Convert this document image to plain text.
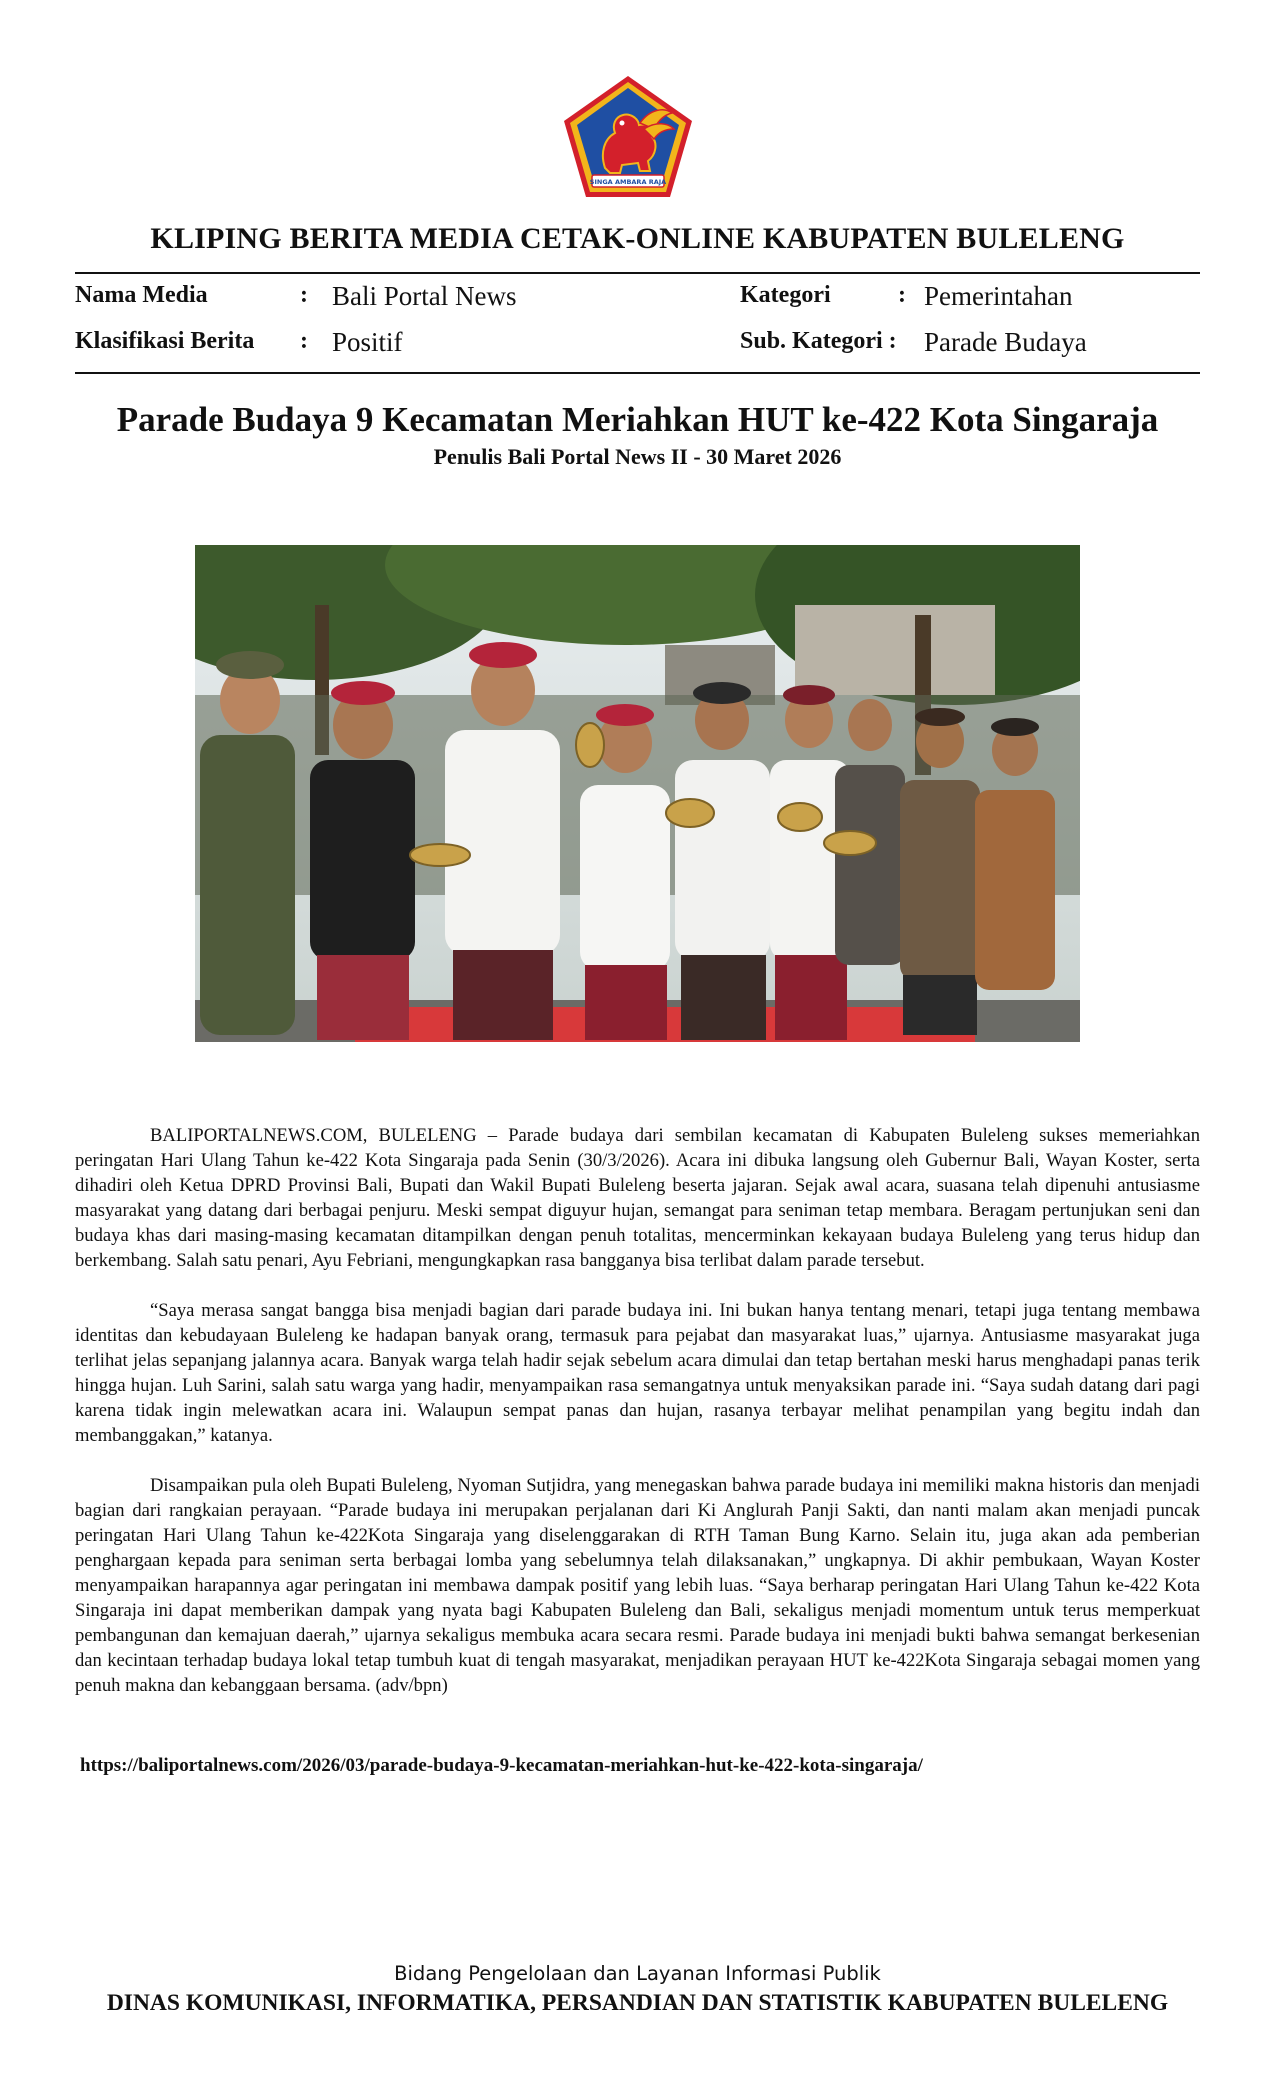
SINGA AMBARA RAJA
KLIPING BERITA MEDIA CETAK-ONLINE KABUPATEN BULELENG
Nama Media	: Bali Portal News	Kategori	: Pemerintahan
Klasifikasi Berita : Positif	Sub. Kategori : Parade Budaya
Parade Budaya 9 Kecamatan Meriahkan HUT ke-422 Kota Singaraja
Penulis Bali Portal News II - 30 Maret 2026

BALIPORTALNEWS.COM, BULELENG – Parade budaya dari sembilan kecamatan di Kabupaten Buleleng sukses memeriahkan peringatan Hari Ulang Tahun ke-422 Kota Singaraja pada Senin (30/3/2026). Acara ini dibuka langsung oleh Gubernur Bali, Wayan Koster, serta dihadiri oleh Ketua DPRD Provinsi Bali, Bupati dan Wakil Bupati Buleleng beserta jajaran. Sejak awal acara, suasana telah dipenuhi antusiasme masyarakat yang datang dari berbagai penjuru. Meski sempat diguyur hujan, semangat para seniman tetap membara. Beragam pertunjukan seni dan budaya khas dari masing-masing kecamatan ditampilkan dengan penuh totalitas, mencerminkan kekayaan budaya Buleleng yang terus hidup dan berkembang. Salah satu penari, Ayu Febriani, mengungkapkan rasa bangganya bisa terlibat dalam parade tersebut.

“Saya merasa sangat bangga bisa menjadi bagian dari parade budaya ini. Ini bukan hanya tentang menari, tetapi juga tentang membawa identitas dan kebudayaan Buleleng ke hadapan banyak orang, termasuk para pejabat dan masyarakat luas,” ujarnya. Antusiasme masyarakat juga terlihat jelas sepanjang jalannya acara. Banyak warga telah hadir sejak sebelum acara dimulai dan tetap bertahan meski harus menghadapi panas terik hingga hujan. Luh Sarini, salah satu warga yang hadir, menyampaikan rasa semangatnya untuk menyaksikan parade ini. “Saya sudah datang dari pagi karena tidak ingin melewatkan acara ini. Walaupun sempat panas dan hujan, rasanya terbayar melihat penampilan yang begitu indah dan membanggakan,” katanya.

Disampaikan pula oleh Bupati Buleleng, Nyoman Sutjidra, yang menegaskan bahwa parade budaya ini memiliki makna historis dan menjadi bagian dari rangkaian perayaan. “Parade budaya ini merupakan perjalanan dari Ki Anglurah Panji Sakti, dan nanti malam akan menjadi puncak peringatan Hari Ulang Tahun ke-422Kota Singaraja yang diselenggarakan di RTH Taman Bung Karno. Selain itu, juga akan ada pemberian penghargaan kepada para seniman serta berbagai lomba yang sebelumnya telah dilaksanakan,” ungkapnya. Di akhir pembukaan, Wayan Koster menyampaikan harapannya agar peringatan ini membawa dampak positif yang lebih luas. “Saya berharap peringatan Hari Ulang Tahun ke-422 Kota Singaraja ini dapat memberikan dampak yang nyata bagi Kabupaten Buleleng dan Bali, sekaligus menjadi momentum untuk terus memperkuat pembangunan dan kemajuan daerah,” ujarnya sekaligus membuka acara secara resmi. Parade budaya ini menjadi bukti bahwa semangat berkesenian dan kecintaan terhadap budaya lokal tetap tumbuh kuat di tengah masyarakat, menjadikan perayaan HUT ke-422Kota Singaraja sebagai momen yang penuh makna dan kebanggaan bersama. (adv/bpn)

https://baliportalnews.com/2026/03/parade-budaya-9-kecamatan-meriahkan-hut-ke-422-kota-singaraja/
Bidang Pengelolaan dan Layanan Informasi Publik
DINAS KOMUNIKASI, INFORMATIKA, PERSANDIAN DAN STATISTIK KABUPATEN BULELENG
